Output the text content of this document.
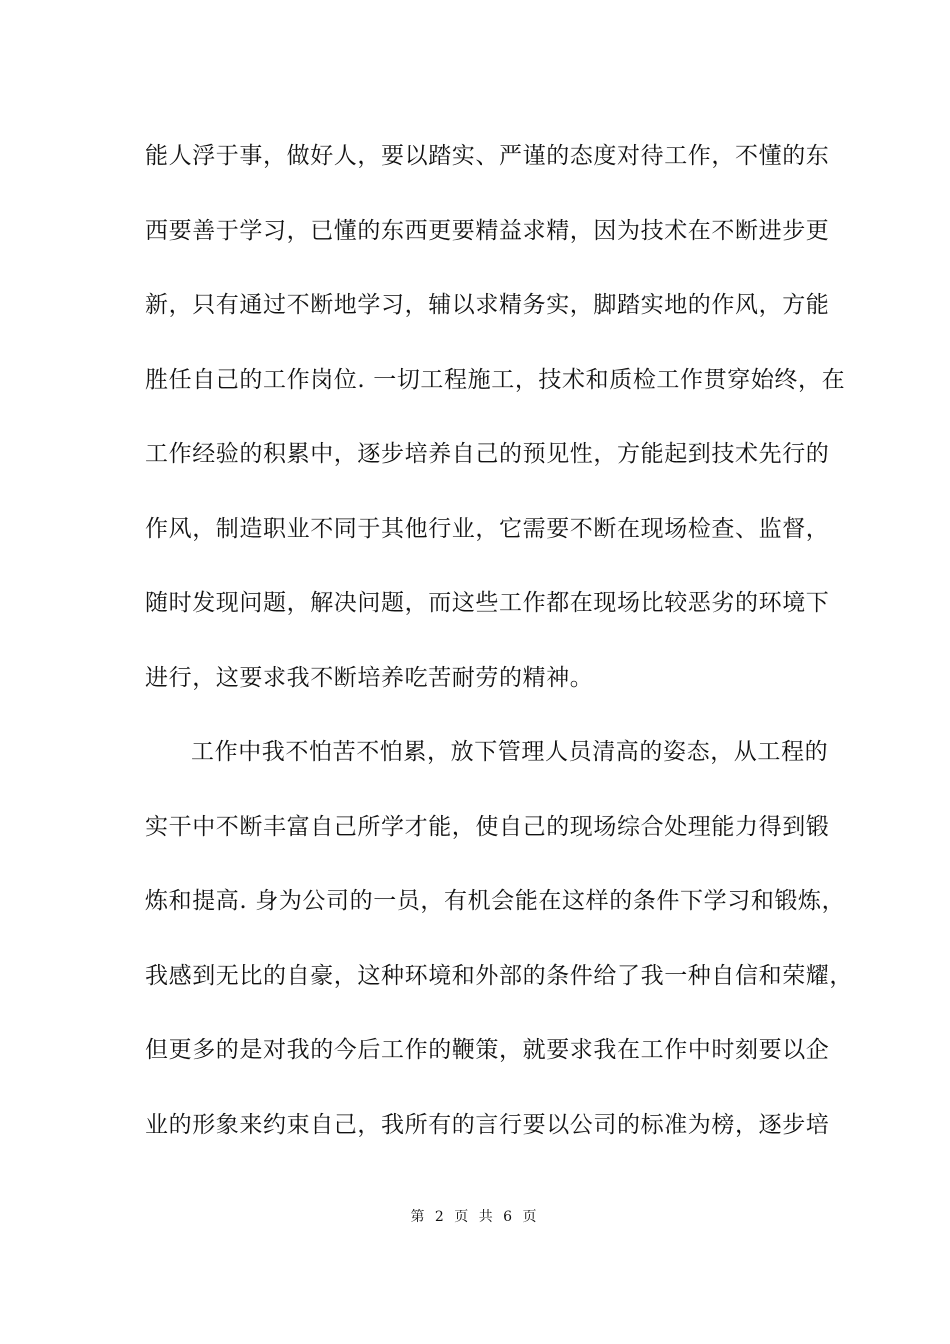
能人浮于事，做好人，要以踏实、严谨的态度对待工作，不懂的东
西要善于学习，已懂的东西更要精益求精，因为技术在不断进步更
新，只有通过不断地学习，辅以求精务实，脚踏实地的作风，方能
胜任自己的工作岗位. 一切工程施工，技术和质检工作贯穿始终，在
工作经验的积累中，逐步培养自己的预见性，方能起到技术先行的
作风，制造职业不同于其他行业，它需要不断在现场检查、监督，
随时发现问题，解决问题，而这些工作都在现场比较恶劣的环境下
进行，这要求我不断培养吃苦耐劳的精神。
工作中我不怕苦不怕累，放下管理人员清高的姿态，从工程的
实干中不断丰富自己所学才能，使自己的现场综合处理能力得到锻
炼和提高. 身为公司的一员，有机会能在这样的条件下学习和锻炼，
我感到无比的自豪，这种环境和外部的条件给了我一种自信和荣耀，
但更多的是对我的今后工作的鞭策，就要求我在工作中时刻要以企
业的形象来约束自己，我所有的言行要以公司的标准为榜，逐步培
第 2 页 共 6 页
